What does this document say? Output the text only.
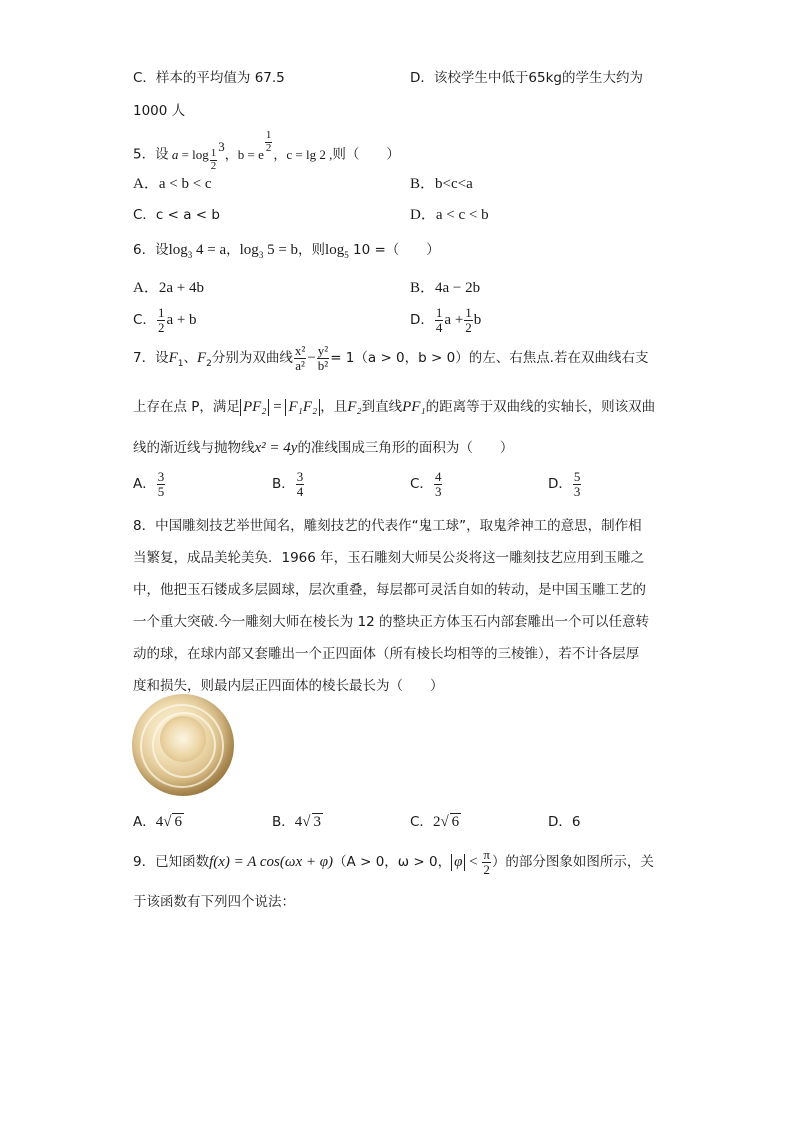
C．样本的平均值为 67.5	D．该校学生中低于65kg的学生大约为
1000 人
5．设 $a = \log \frac{1}{2}$
3，b = e $\frac{1}{2}$ ，c = lg 2 ,则（　　）
A．a < b < c	B．b<c<a
C．c < a < b	D．a < c < b
6．设$\log_3 4 = a$，$\log_3 5 = b$，则$\log_5 10$ =（　　）
A．2a + 4b	B．4a − 2b
C． $\frac{1}{2}$ a + b	D． $\frac{1}{4}$ $a + \frac{1}{2}$ b
7．设$F_1$、$F_2$分别为双曲线 $\frac{\text{x²}}{\text{a²}} - \frac{\text{y²}}{\text{b²}} = 1(a > 0$，b > 0）的左、右焦点.若在双曲线右支
上存在点 P，满足 PF₂ = F₁F₂ ，且F₂到直线PF₁的距离等于双曲线的实轴长，则该双曲
线的渐近线与抛物线x² = 4y的准线围成三角形的面积为（　　）
A． $\frac{3}{5}$	B． $\frac{3}{4}$	C． $\frac{4}{3}$	D． $\frac{5}{3}$
8．中国雕刻技艺举世闻名，雕刻技艺的代表作“鬼工球”，取鬼斧神工的意思，制作相
当繁复，成品美轮美奂．1966 年，玉石雕刻大师吴公炎将这一雕刻技艺应用到玉雕之
中，他把玉石镂成多层圆球，层次重叠，每层都可灵活自如的转动，是中国玉雕工艺的
一个重大突破.今一雕刻大师在棱长为 12 的整块正方体玉石内部套雕出一个可以任意转
动的球，在球内部又套雕出一个正四面体（所有棱长均相等的三棱锥），若不计各层厚
度和损失，则最内层正四面体的棱长最长为（　　）
A．4√ 6	B．4√ 3	C．2√ 6	D．6
9．已知函数f(x) = A cos(ωx + φ)（A > 0，ω > 0， $\varphi < \frac{\pi}{2}$ ）的部分图象如图所示，关
于该函数有下列四个说法：
